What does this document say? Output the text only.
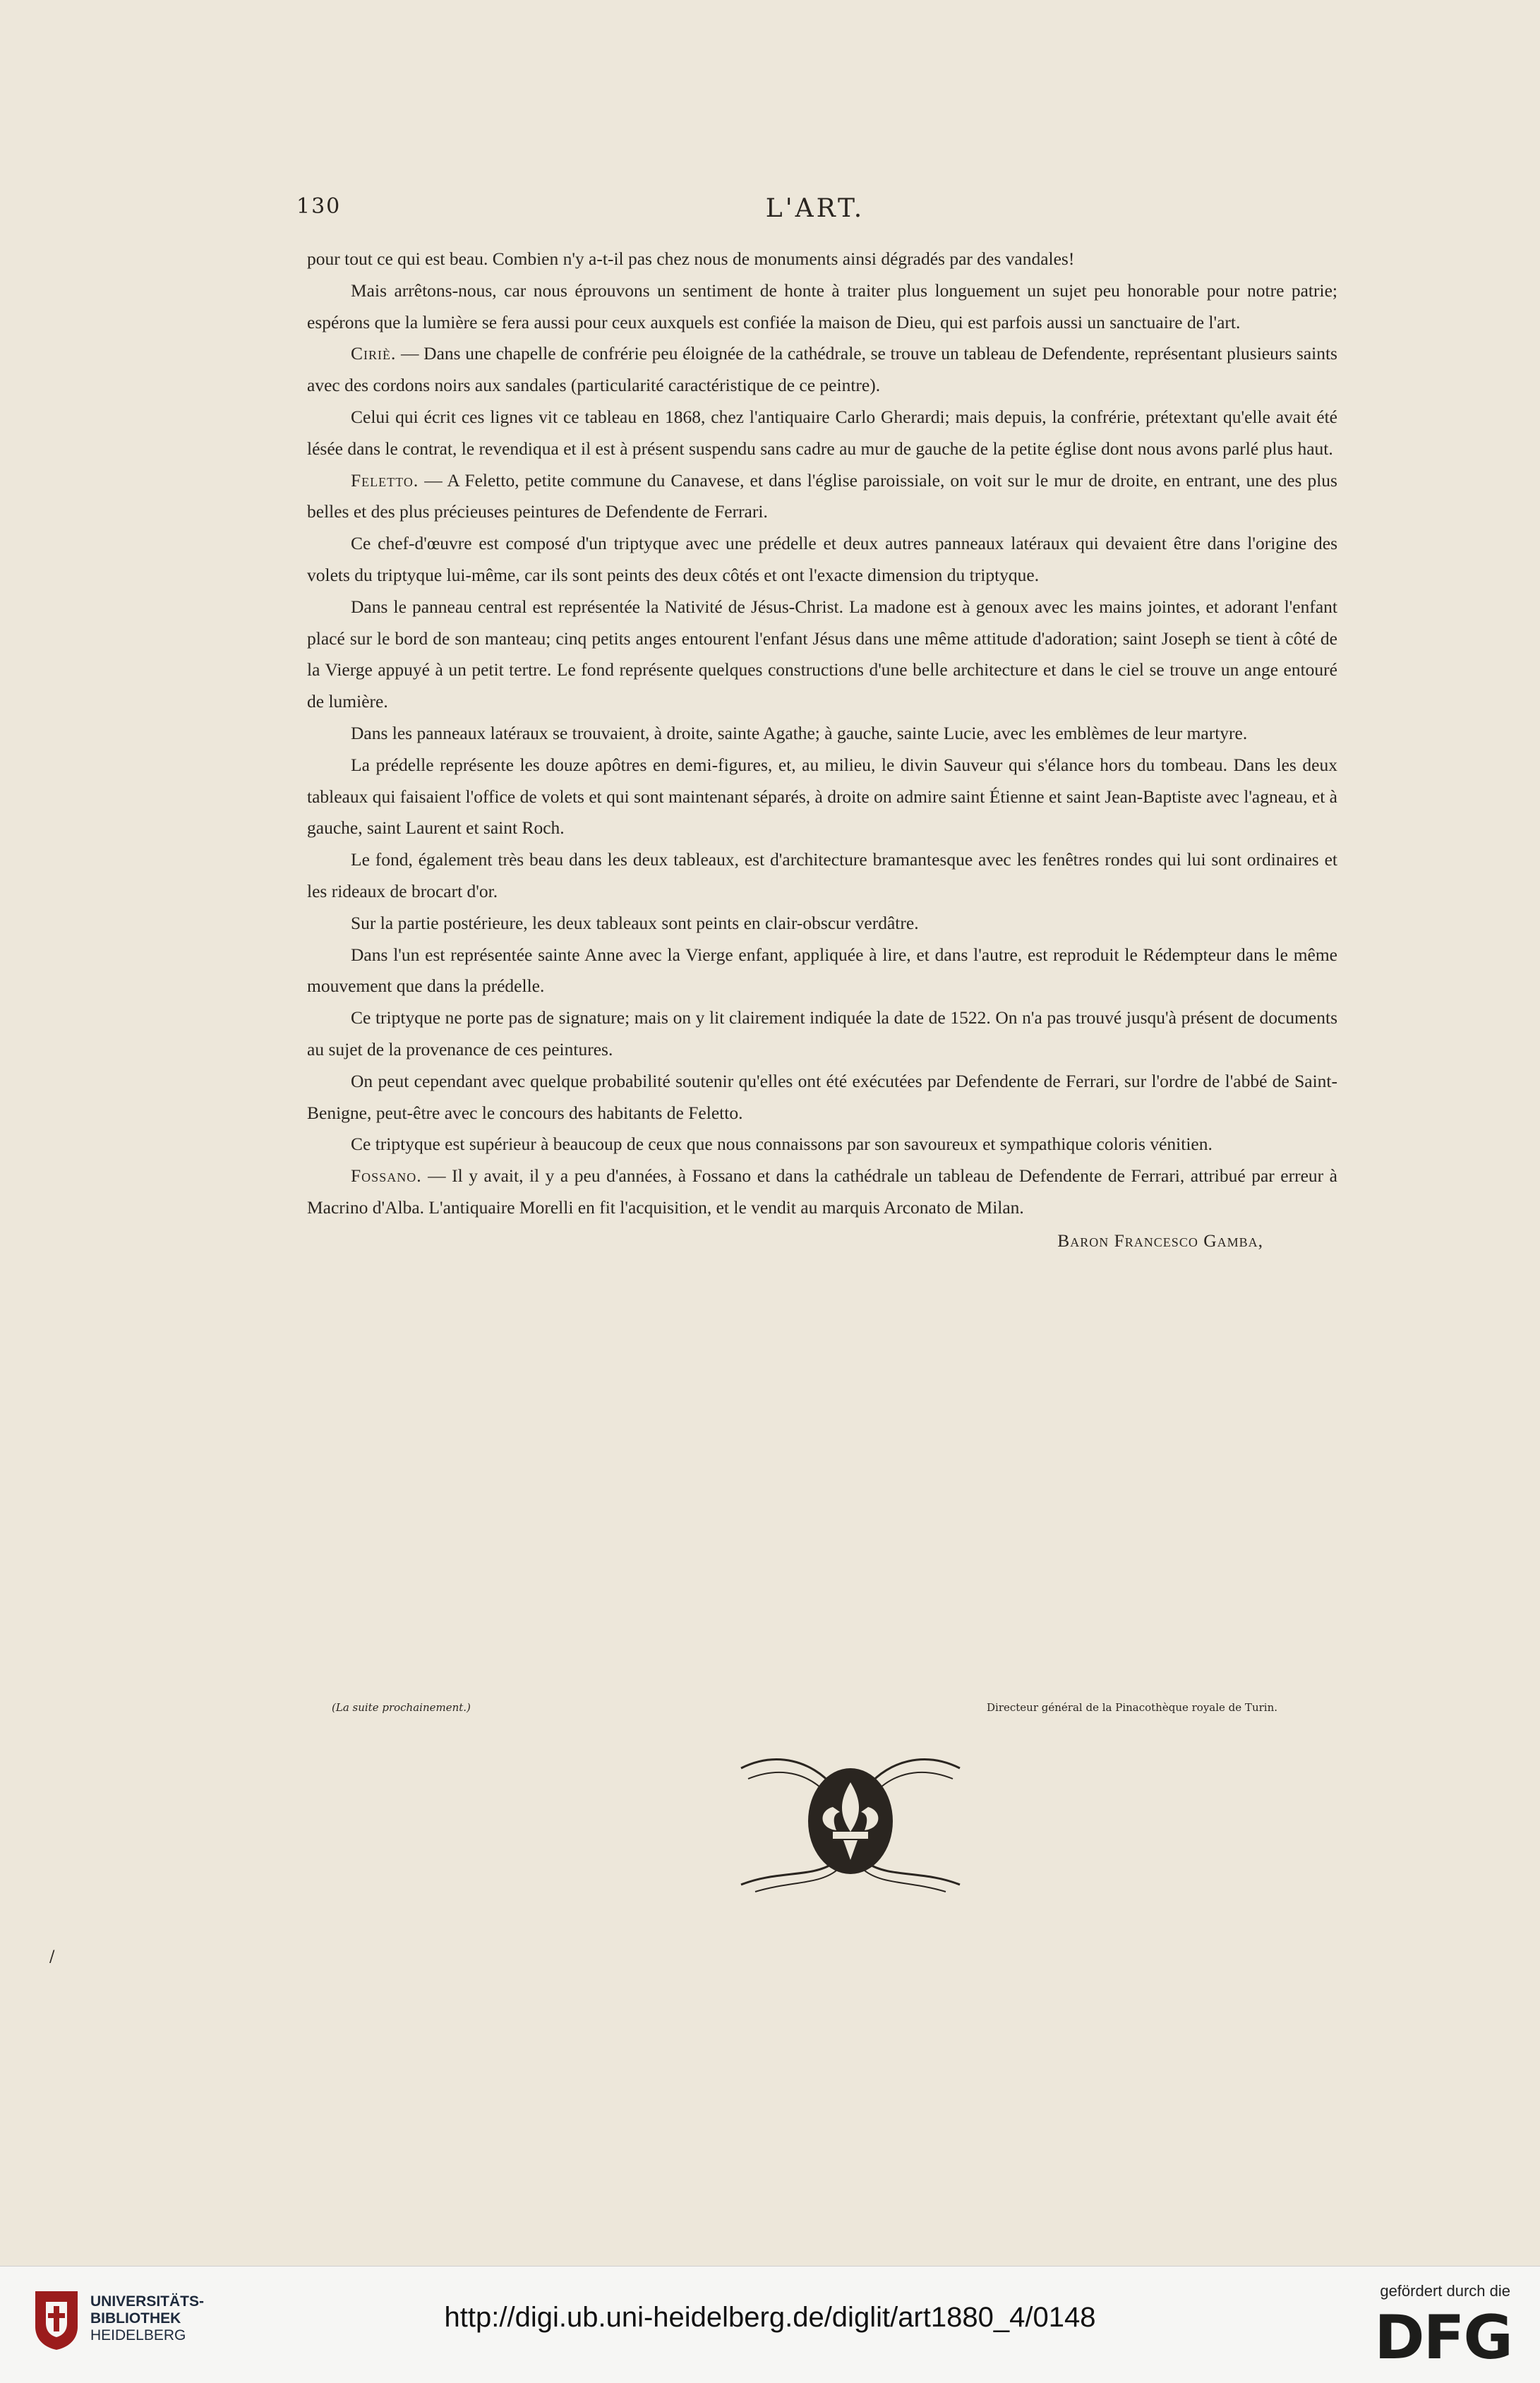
130	L'ART.

pour tout ce qui est beau. Combien n'y a-t-il pas chez nous de monuments ainsi dégradés par des vandales!

Mais arrêtons-nous, car nous éprouvons un sentiment de honte à traiter plus longuement un sujet peu honorable pour notre patrie; espérons que la lumière se fera aussi pour ceux auxquels est confiée la maison de Dieu, qui est parfois aussi un sanctuaire de l'art.

Ciriè. — Dans une chapelle de confrérie peu éloignée de la cathédrale, se trouve un tableau de Defendente, représentant plusieurs saints avec des cordons noirs aux sandales (particularité caractéristique de ce peintre).

Celui qui écrit ces lignes vit ce tableau en 1868, chez l'antiquaire Carlo Gherardi; mais depuis, la confrérie, prétextant qu'elle avait été lésée dans le contrat, le revendiqua et il est à présent suspendu sans cadre au mur de gauche de la petite église dont nous avons parlé plus haut.

Feletto. — A Feletto, petite commune du Canavese, et dans l'église paroissiale, on voit sur le mur de droite, en entrant, une des plus belles et des plus précieuses peintures de Defendente de Ferrari.

Ce chef-d'œuvre est composé d'un triptyque avec une prédelle et deux autres panneaux latéraux qui devaient être dans l'origine des volets du triptyque lui-même, car ils sont peints des deux côtés et ont l'exacte dimension du triptyque.

Dans le panneau central est représentée la Nativité de Jésus-Christ. La madone est à genoux avec les mains jointes, et adorant l'enfant placé sur le bord de son manteau; cinq petits anges entourent l'enfant Jésus dans une même attitude d'adoration; saint Joseph se tient à côté de la Vierge appuyé à un petit tertre. Le fond représente quelques constructions d'une belle architecture et dans le ciel se trouve un ange entouré de lumière.

Dans les panneaux latéraux se trouvaient, à droite, sainte Agathe; à gauche, sainte Lucie, avec les emblèmes de leur martyre.

La prédelle représente les douze apôtres en demi-figures, et, au milieu, le divin Sauveur qui s'élance hors du tombeau. Dans les deux tableaux qui faisaient l'office de volets et qui sont maintenant séparés, à droite on admire saint Étienne et saint Jean-Baptiste avec l'agneau, et à gauche, saint Laurent et saint Roch.

Le fond, également très beau dans les deux tableaux, est d'architecture bramantesque avec les fenêtres rondes qui lui sont ordinaires et les rideaux de brocart d'or.

Sur la partie postérieure, les deux tableaux sont peints en clair-obscur verdâtre.

Dans l'un est représentée sainte Anne avec la Vierge enfant, appliquée à lire, et dans l'autre, est reproduit le Rédempteur dans le même mouvement que dans la prédelle.

Ce triptyque ne porte pas de signature; mais on y lit clairement indiquée la date de 1522. On n'a pas trouvé jusqu'à présent de documents au sujet de la provenance de ces peintures.

On peut cependant avec quelque probabilité soutenir qu'elles ont été exécutées par Defendente de Ferrari, sur l'ordre de l'abbé de Saint-Benigne, peut-être avec le concours des habitants de Feletto.

Ce triptyque est supérieur à beaucoup de ceux que nous connaissons par son savoureux et sympathique coloris vénitien.

Fossano. — Il y avait, il y a peu d'années, à Fossano et dans la cathédrale un tableau de Defendente de Ferrari, attribué par erreur à Macrino d'Alba. L'antiquaire Morelli en fit l'acquisition, et le vendit au marquis Arconato de Milan.

Baron Francesco Gamba,
(La suite prochainement.)	Directeur général de la Pinacothèque royale de Turin.
/
UNIVERSITÄTS-
BIBLIOTHEK
HEIDELBERG
http://digi.ub.uni-heidelberg.de/diglit/art1880_4/0148
gefördert durch die
DFG
